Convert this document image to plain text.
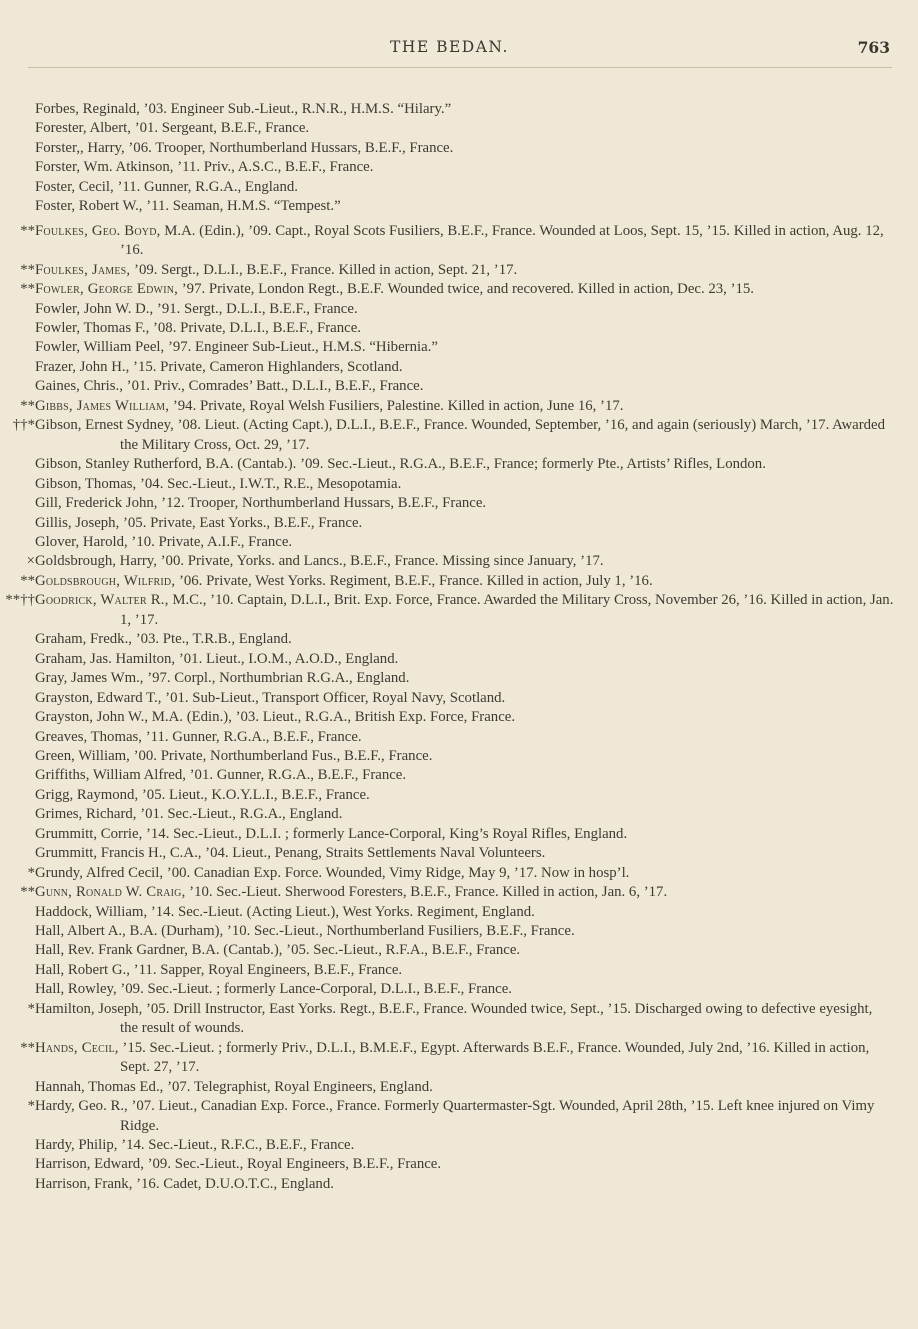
THE BEDAN.	763
Forbes, Reginald, ’03. Engineer Sub.-Lieut., R.N.R., H.M.S. “Hilary.”
Forester, Albert, ’01. Sergeant, B.E.F., France.
Forster,, Harry, ’06. Trooper, Northumberland Hussars, B.E.F., France.
Forster, Wm. Atkinson, ’11. Priv., A.S.C., B.E.F., France.
Foster, Cecil, ’11. Gunner, R.G.A., England.
Foster, Robert W., ’11. Seaman, H.M.S. “Tempest.”
**Foulkes, Geo. Boyd, M.A. (Edin.), ’09. Capt., Royal Scots Fusiliers, B.E.F., France. Wounded at Loos, Sept. 15, ’15. Killed in action, Aug. 12, ’16.
**Foulkes, James, ’09. Sergt., D.L.I., B.E.F., France. Killed in action, Sept. 21, ’17.
**Fowler, George Edwin, ’97. Private, London Regt., B.E.F. Wounded twice, and recovered. Killed in action, Dec. 23, ’15.
Fowler, John W. D., ’91. Sergt., D.L.I., B.E.F., France.
Fowler, Thomas F., ’08. Private, D.L.I., B.E.F., France.
Fowler, William Peel, ’97. Engineer Sub-Lieut., H.M.S. “Hibernia.”
Frazer, John H., ’15. Private, Cameron Highlanders, Scotland.
Gaines, Chris., ’01. Priv., Comrades’ Batt., D.L.I., B.E.F., France.
**Gibbs, James William, ’94. Private, Royal Welsh Fusiliers, Palestine. Killed in action, June 16, ’17.
††*Gibson, Ernest Sydney, ’08. Lieut. (Acting Capt.), D.L.I., B.E.F., France. Wounded, September, ’16, and again (seriously) March, ’17. Awarded the Military Cross, Oct. 29, ’17.
Gibson, Stanley Rutherford, B.A. (Cantab.). ’09. Sec.-Lieut., R.G.A., B.E.F., France; formerly Pte., Artists’ Rifles, London.
Gibson, Thomas, ’04. Sec.-Lieut., I.W.T., R.E., Mesopotamia.
Gill, Frederick John, ’12. Trooper, Northumberland Hussars, B.E.F., France.
Gillis, Joseph, ’05. Private, East Yorks., B.E.F., France.
Glover, Harold, ’10. Private, A.I.F., France.
×Goldsbrough, Harry, ’00. Private, Yorks. and Lancs., B.E.F., France. Missing since January, ’17.
**Goldsbrough, Wilfrid, ’06. Private, West Yorks. Regiment, B.E.F., France. Killed in action, July 1, ’16.
**††Goodrick, Walter R., M.C., ’10. Captain, D.L.I., Brit. Exp. Force, France. Awarded the Military Cross, November 26, ’16. Killed in action, Jan. 1, ’17.
Graham, Fredk., ’03. Pte., T.R.B., England.
Graham, Jas. Hamilton, ’01. Lieut., I.O.M., A.O.D., England.
Gray, James Wm., ’97. Corpl., Northumbrian R.G.A., England.
Grayston, Edward T., ’01. Sub-Lieut., Transport Officer, Royal Navy, Scotland.
Grayston, John W., M.A. (Edin.), ’03. Lieut., R.G.A., British Exp. Force, France.
Greaves, Thomas, ’11. Gunner, R.G.A., B.E.F., France.
Green, William, ’00. Private, Northumberland Fus., B.E.F., France.
Griffiths, William Alfred, ’01. Gunner, R.G.A., B.E.F., France.
Grigg, Raymond, ’05. Lieut., K.O.Y.L.I., B.E.F., France.
Grimes, Richard, ’01. Sec.-Lieut., R.G.A., England.
Grummitt, Corrie, ’14. Sec.-Lieut., D.L.I. ; formerly Lance-Corporal, King’s Royal Rifles, England.
Grummitt, Francis H., C.A., ’04. Lieut., Penang, Straits Settlements Naval Volunteers.
*Grundy, Alfred Cecil, ’00. Canadian Exp. Force. Wounded, Vimy Ridge, May 9, ’17. Now in hosp’l.
**Gunn, Ronald W. Craig, ’10. Sec.-Lieut. Sherwood Foresters, B.E.F., France. Killed in action, Jan. 6, ’17.
Haddock, William, ’14. Sec.-Lieut. (Acting Lieut.), West Yorks. Regiment, England.
Hall, Albert A., B.A. (Durham), ’10. Sec.-Lieut., Northumberland Fusiliers, B.E.F., France.
Hall, Rev. Frank Gardner, B.A. (Cantab.), ’05. Sec.-Lieut., R.F.A., B.E.F., France.
Hall, Robert G., ’11. Sapper, Royal Engineers, B.E.F., France.
Hall, Rowley, ’09. Sec.-Lieut. ; formerly Lance-Corporal, D.L.I., B.E.F., France.
*Hamilton, Joseph, ’05. Drill Instructor, East Yorks. Regt., B.E.F., France. Wounded twice, Sept., ’15. Discharged owing to defective eyesight, the result of wounds.
**Hands, Cecil, ’15. Sec.-Lieut. ; formerly Priv., D.L.I., B.M.E.F., Egypt. Afterwards B.E.F., France. Wounded, July 2nd, ’16. Killed in action, Sept. 27, ’17.
Hannah, Thomas Ed., ’07. Telegraphist, Royal Engineers, England.
*Hardy, Geo. R., ’07. Lieut., Canadian Exp. Force., France. Formerly Quartermaster-Sgt. Wounded, April 28th, ’15. Left knee injured on Vimy Ridge.
Hardy, Philip, ’14. Sec.-Lieut., R.F.C., B.E.F., France.
Harrison, Edward, ’09. Sec.-Lieut., Royal Engineers, B.E.F., France.
Harrison, Frank, ’16. Cadet, D.U.O.T.C., England.
